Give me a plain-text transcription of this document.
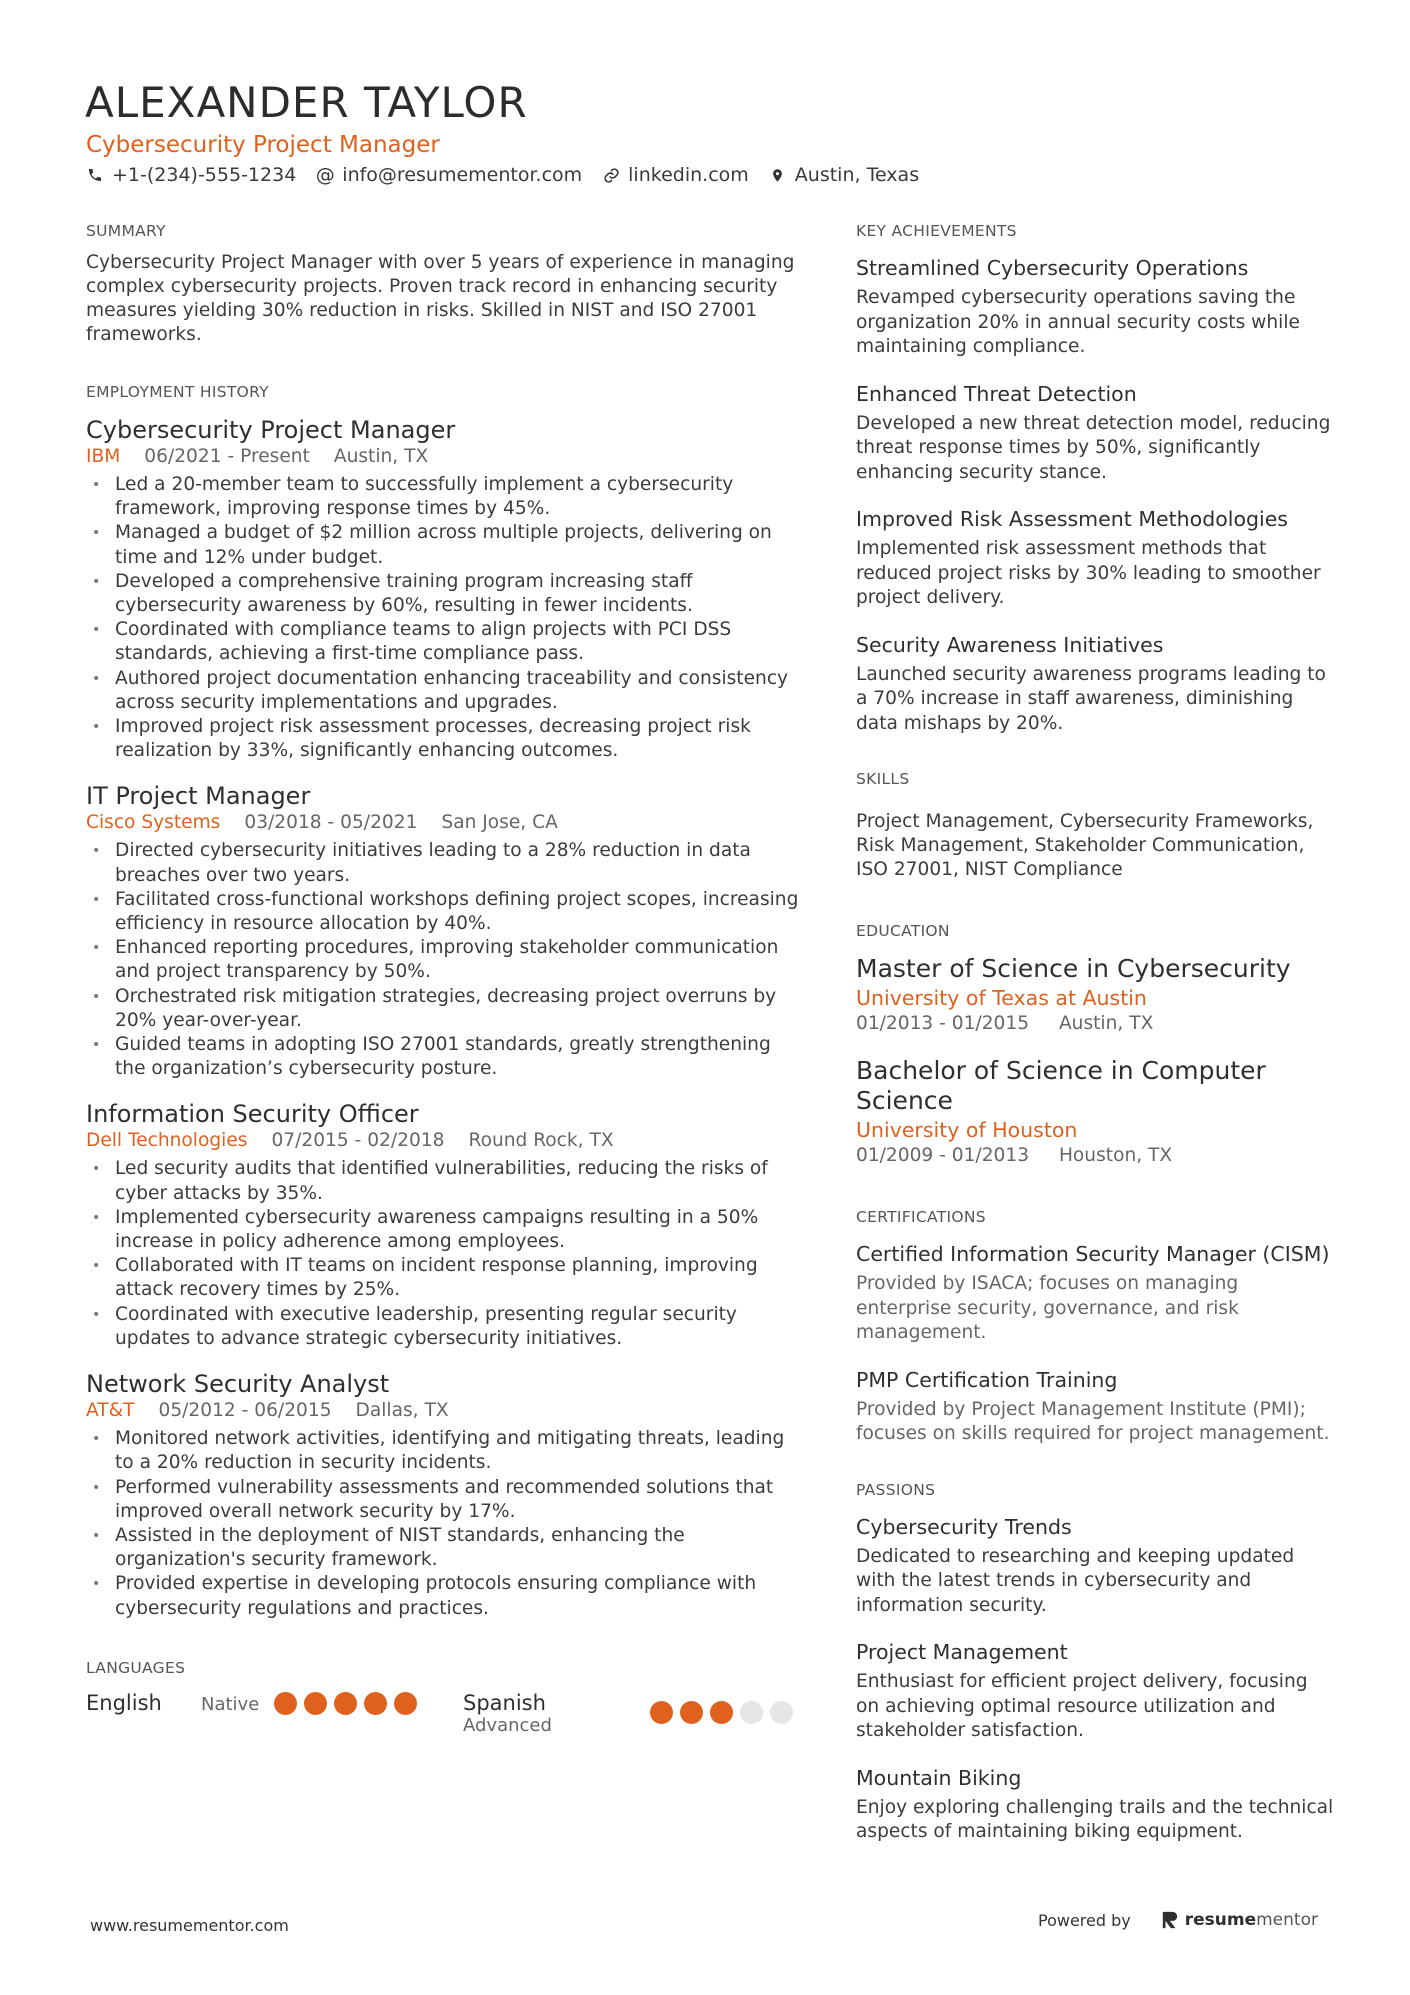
ALEXANDER TAYLOR
Cybersecurity Project Manager
+1-(234)-555-1234 @ info@resumementor.com linkedin.com Austin, Texas
SUMMARY
Cybersecurity Project Manager with over 5 years of experience in managing complex cybersecurity projects. Proven track record in enhancing security measures yielding 30% reduction in risks. Skilled in NIST and ISO 27001 frameworks.
EMPLOYMENT HISTORY
Cybersecurity Project Manager
IBM 06/2021 - Present Austin, TX
• Led a 20-member team to successfully implement a cybersecurity framework, improving response times by 45%.
• Managed a budget of $2 million across multiple projects, delivering on time and 12% under budget.
• Developed a comprehensive training program increasing staff cybersecurity awareness by 60%, resulting in fewer incidents.
• Coordinated with compliance teams to align projects with PCI DSS standards, achieving a first-time compliance pass.
• Authored project documentation enhancing traceability and consistency across security implementations and upgrades.
• Improved project risk assessment processes, decreasing project risk realization by 33%, significantly enhancing outcomes.
IT Project Manager
Cisco Systems 03/2018 - 05/2021 San Jose, CA
• Directed cybersecurity initiatives leading to a 28% reduction in data breaches over two years.
• Facilitated cross-functional workshops defining project scopes, increasing efficiency in resource allocation by 40%.
• Enhanced reporting procedures, improving stakeholder communication and project transparency by 50%.
• Orchestrated risk mitigation strategies, decreasing project overruns by 20% year-over-year.
• Guided teams in adopting ISO 27001 standards, greatly strengthening the organization’s cybersecurity posture.
Information Security Officer
Dell Technologies 07/2015 - 02/2018 Round Rock, TX
• Led security audits that identified vulnerabilities, reducing the risks of cyber attacks by 35%.
• Implemented cybersecurity awareness campaigns resulting in a 50% increase in policy adherence among employees.
• Collaborated with IT teams on incident response planning, improving attack recovery times by 25%.
• Coordinated with executive leadership, presenting regular security updates to advance strategic cybersecurity initiatives.
Network Security Analyst
AT&T 05/2012 - 06/2015 Dallas, TX
• Monitored network activities, identifying and mitigating threats, leading to a 20% reduction in security incidents.
• Performed vulnerability assessments and recommended solutions that improved overall network security by 17%.
• Assisted in the deployment of NIST standards, enhancing the organization's security framework.
• Provided expertise in developing protocols ensuring compliance with cybersecurity regulations and practices.
LANGUAGES
English Native	Spanish
Advanced
KEY ACHIEVEMENTS
Streamlined Cybersecurity Operations
Revamped cybersecurity operations saving the organization 20% in annual security costs while maintaining compliance.
Enhanced Threat Detection
Developed a new threat detection model, reducing threat response times by 50%, significantly enhancing security stance.
Improved Risk Assessment Methodologies
Implemented risk assessment methods that reduced project risks by 30% leading to smoother project delivery.
Security Awareness Initiatives
Launched security awareness programs leading to a 70% increase in staff awareness, diminishing data mishaps by 20%.
SKILLS
Project Management, Cybersecurity Frameworks, Risk Management, Stakeholder Communication, ISO 27001, NIST Compliance
EDUCATION
Master of Science in Cybersecurity
University of Texas at Austin
01/2013 - 01/2015 Austin, TX
Bachelor of Science in Computer Science
University of Houston
01/2009 - 01/2013 Houston, TX
CERTIFICATIONS
Certified Information Security Manager (CISM)
Provided by ISACA; focuses on managing enterprise security, governance, and risk management.
PMP Certification Training
Provided by Project Management Institute (PMI); focuses on skills required for project management.
PASSIONS
Cybersecurity Trends
Dedicated to researching and keeping updated with the latest trends in cybersecurity and information security.
Project Management
Enthusiast for efficient project delivery, focusing on achieving optimal resource utilization and stakeholder satisfaction.
Mountain Biking
Enjoy exploring challenging trails and the technical aspects of maintaining biking equipment.
www.resumementor.com	Powered by	resume mentor
